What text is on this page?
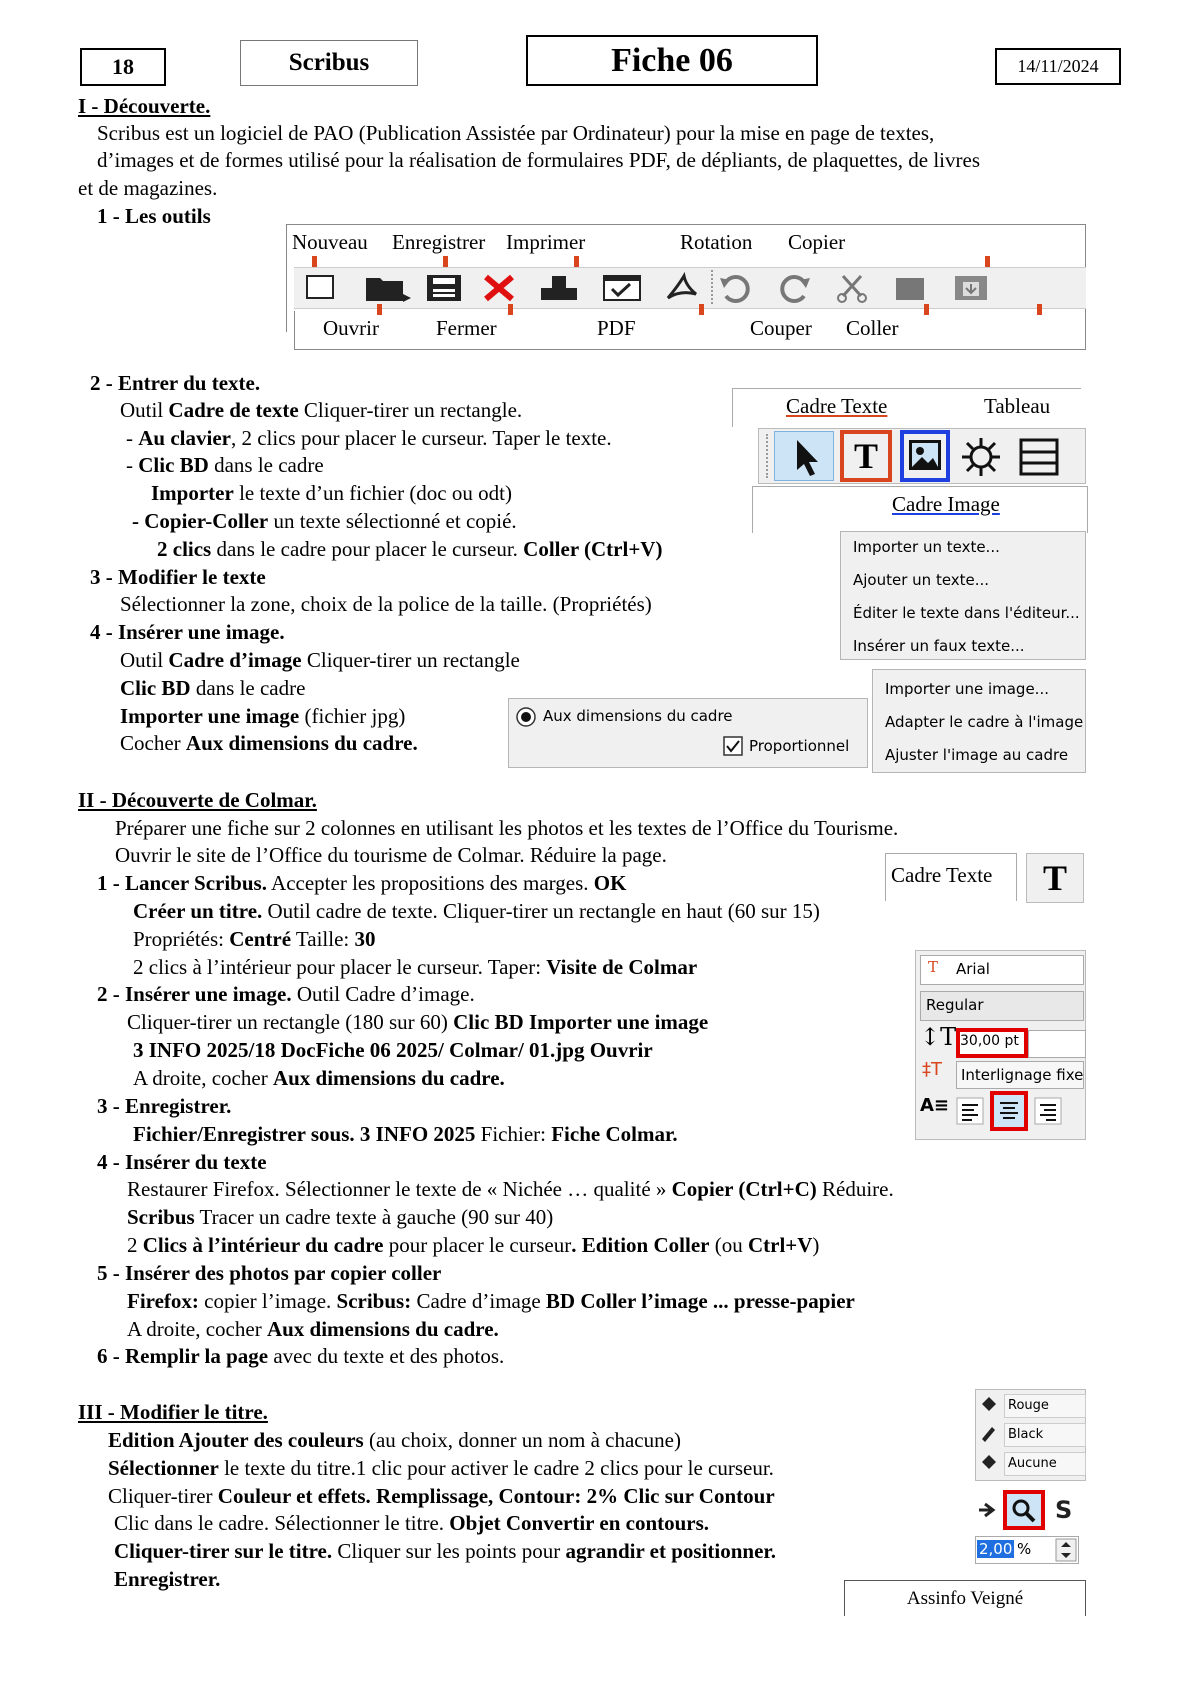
18	Scribus	Fiche 06	14/11/2024
I - Découverte.
Scribus est un logiciel de PAO (Publication Assistée par Ordinateur) pour la mise en page de textes,
d’images et de formes utilisé pour la réalisation de formulaires PDF, de dépliants, de plaquettes, de livres
et de magazines.
1 - Les outils
Nouveau Enregistrer Imprimer	Rotation Copier
Ouvrir	Fermer	PDF	Couper Coller
2 - Entrer du texte.
Outil Cadre de texte Cliquer-tirer un rectangle.
- Au clavier, 2 clics pour placer le curseur. Taper le texte.
- Clic BD dans le cadre
Importer le texte d’un fichier (doc ou odt)
- Copier-Coller un texte sélectionné et copié.
2 clics dans le cadre pour placer le curseur. Coller (Ctrl+V)
3 - Modifier le texte
Sélectionner la zone, choix de la police de la taille. (Propriétés)
4 - Insérer une image.
Outil Cadre d’image Cliquer-tirer un rectangle
Clic BD dans le cadre
Importer une image (fichier jpg)
Cocher Aux dimensions du cadre.
Cadre Texte	Tableau
T
Cadre Image
Importer un texte...
Ajouter un texte...
Éditer le texte dans l'éditeur...
Insérer un faux texte...
Importer une image...
Adapter le cadre à l'image
Ajuster l'image au cadre
Aux dimensions du cadre
Proportionnel
II - Découverte de Colmar.
Préparer une fiche sur 2 colonnes en utilisant les photos et les textes de l’Office du Tourisme.
Ouvrir le site de l’Office du tourisme de Colmar. Réduire la page.
1 - Lancer Scribus. Accepter les propositions des marges. OK
Créer un titre. Outil cadre de texte. Cliquer-tirer un rectangle en haut (60 sur 15)
Propriétés: Centré Taille: 30
2 clics à l’intérieur pour placer le curseur. Taper: Visite de Colmar
2 - Insérer une image. Outil Cadre d’image.
Cliquer-tirer un rectangle (180 sur 60) Clic BD Importer une image
3 INFO 2025/18 DocFiche 06 2025/ Colmar/ 01.jpg Ouvrir
A droite, cocher Aux dimensions du cadre.
3 - Enregistrer.
Fichier/Enregistrer sous. 3 INFO 2025 Fichier: Fiche Colmar.
4 - Insérer du texte
Restaurer Firefox. Sélectionner le texte de « Nichée … qualité » Copier (Ctrl+C) Réduire.
Scribus Tracer un cadre texte à gauche (90 sur 40)
2 Clics à l’intérieur du cadre pour placer le curseur. Edition Coller (ou Ctrl+V)
5 - Insérer des photos par copier coller
Firefox: copier l’image. Scribus: Cadre d’image BD Coller l’image ... presse-papier
A droite, cocher Aux dimensions du cadre.
6 - Remplir la page avec du texte et des photos.
Cadre Texte T
T Arial
Regular
↕T 30,00 pt
‡T Interlignage fixe
A≡
III - Modifier le titre.
Edition Ajouter des couleurs (au choix, donner un nom à chacune)
Sélectionner le texte du titre.1 clic pour activer le cadre 2 clics pour le curseur.
Cliquer-tirer Couleur et effets. Remplissage, Contour: 2% Clic sur Contour
Clic dans le cadre. Sélectionner le titre. Objet Convertir en contours.
Cliquer-tirer sur le titre. Cliquer sur les points pour agrandir et positionner.
Enregistrer.
Rouge
Black
Aucune
S
2,00 %
Assinfo Veigné
